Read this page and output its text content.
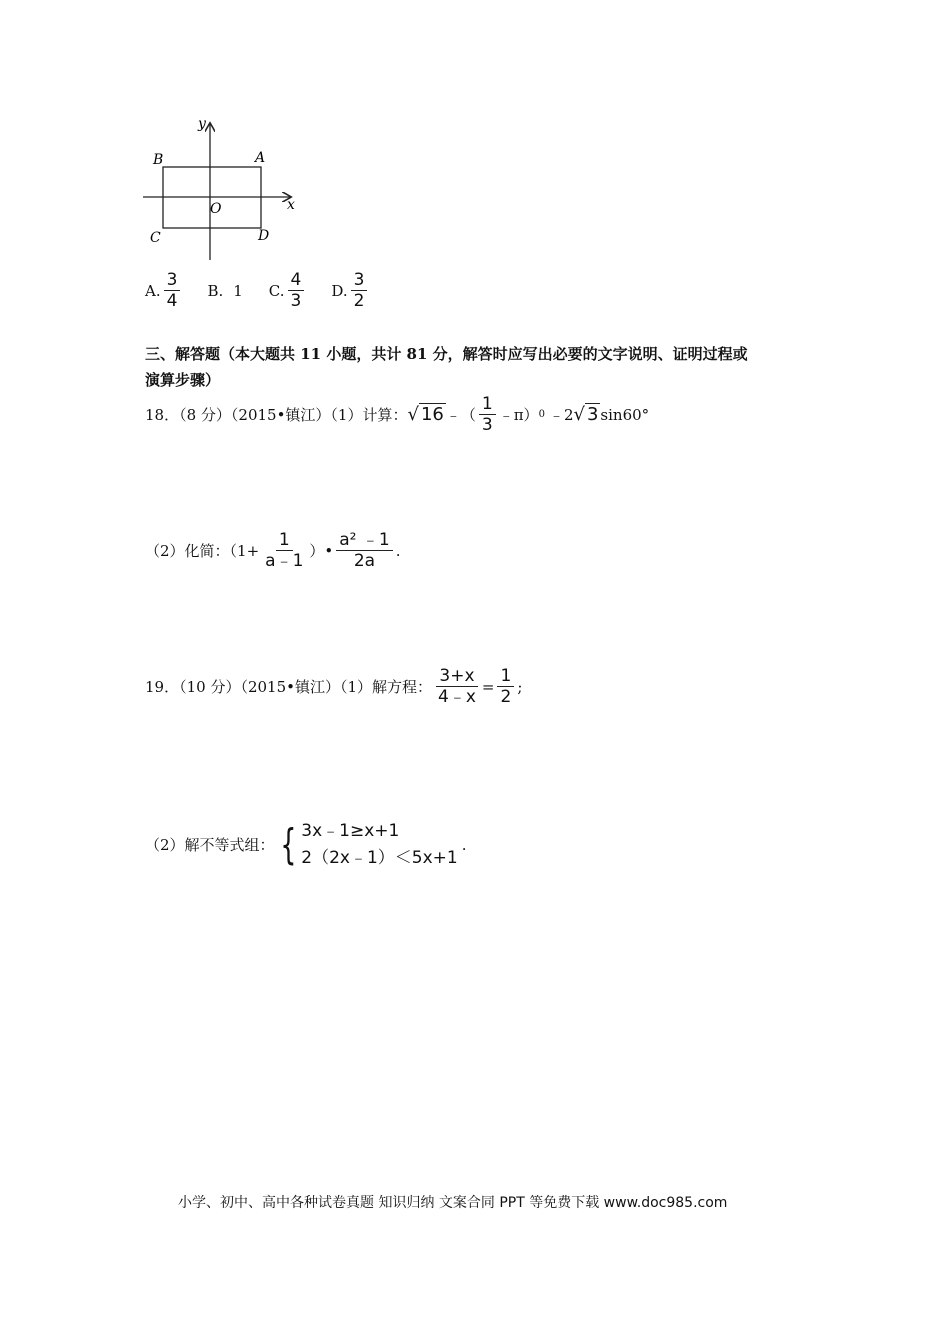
y
x
O
A
B
C	D
A. $\frac{3}{4} B$. 1 C. $\frac{4}{3} D$. $\frac{3}{2}$
三、解答题（本大题共 11 小题，共计 81 分，解答时应写出必要的文字说明、证明过程或
演算步骤）
18．（8 分）（2015•镇江）（1）计算： √ 16 ﹣（ $\frac{1}{3}$ ﹣π） 0 ﹣2 √ 3 sin60°
（2）化简：（$1+ \frac{1}{a﹣1}$ ）• $\frac{\text{a² ﹣1}}{2a}$ .
19．（10 分）（2015•镇江）（1）解方程： $\frac{3+x}{4﹣x} = \frac{1}{2}$ ;
（2）解不等式组： { 3x﹣1≥x+1
2（2x﹣1）＜5x+1
.
小学、初中、高中各种试卷真题 知识归纳 文案合同 PPT 等免费下载 www.doc985.com
